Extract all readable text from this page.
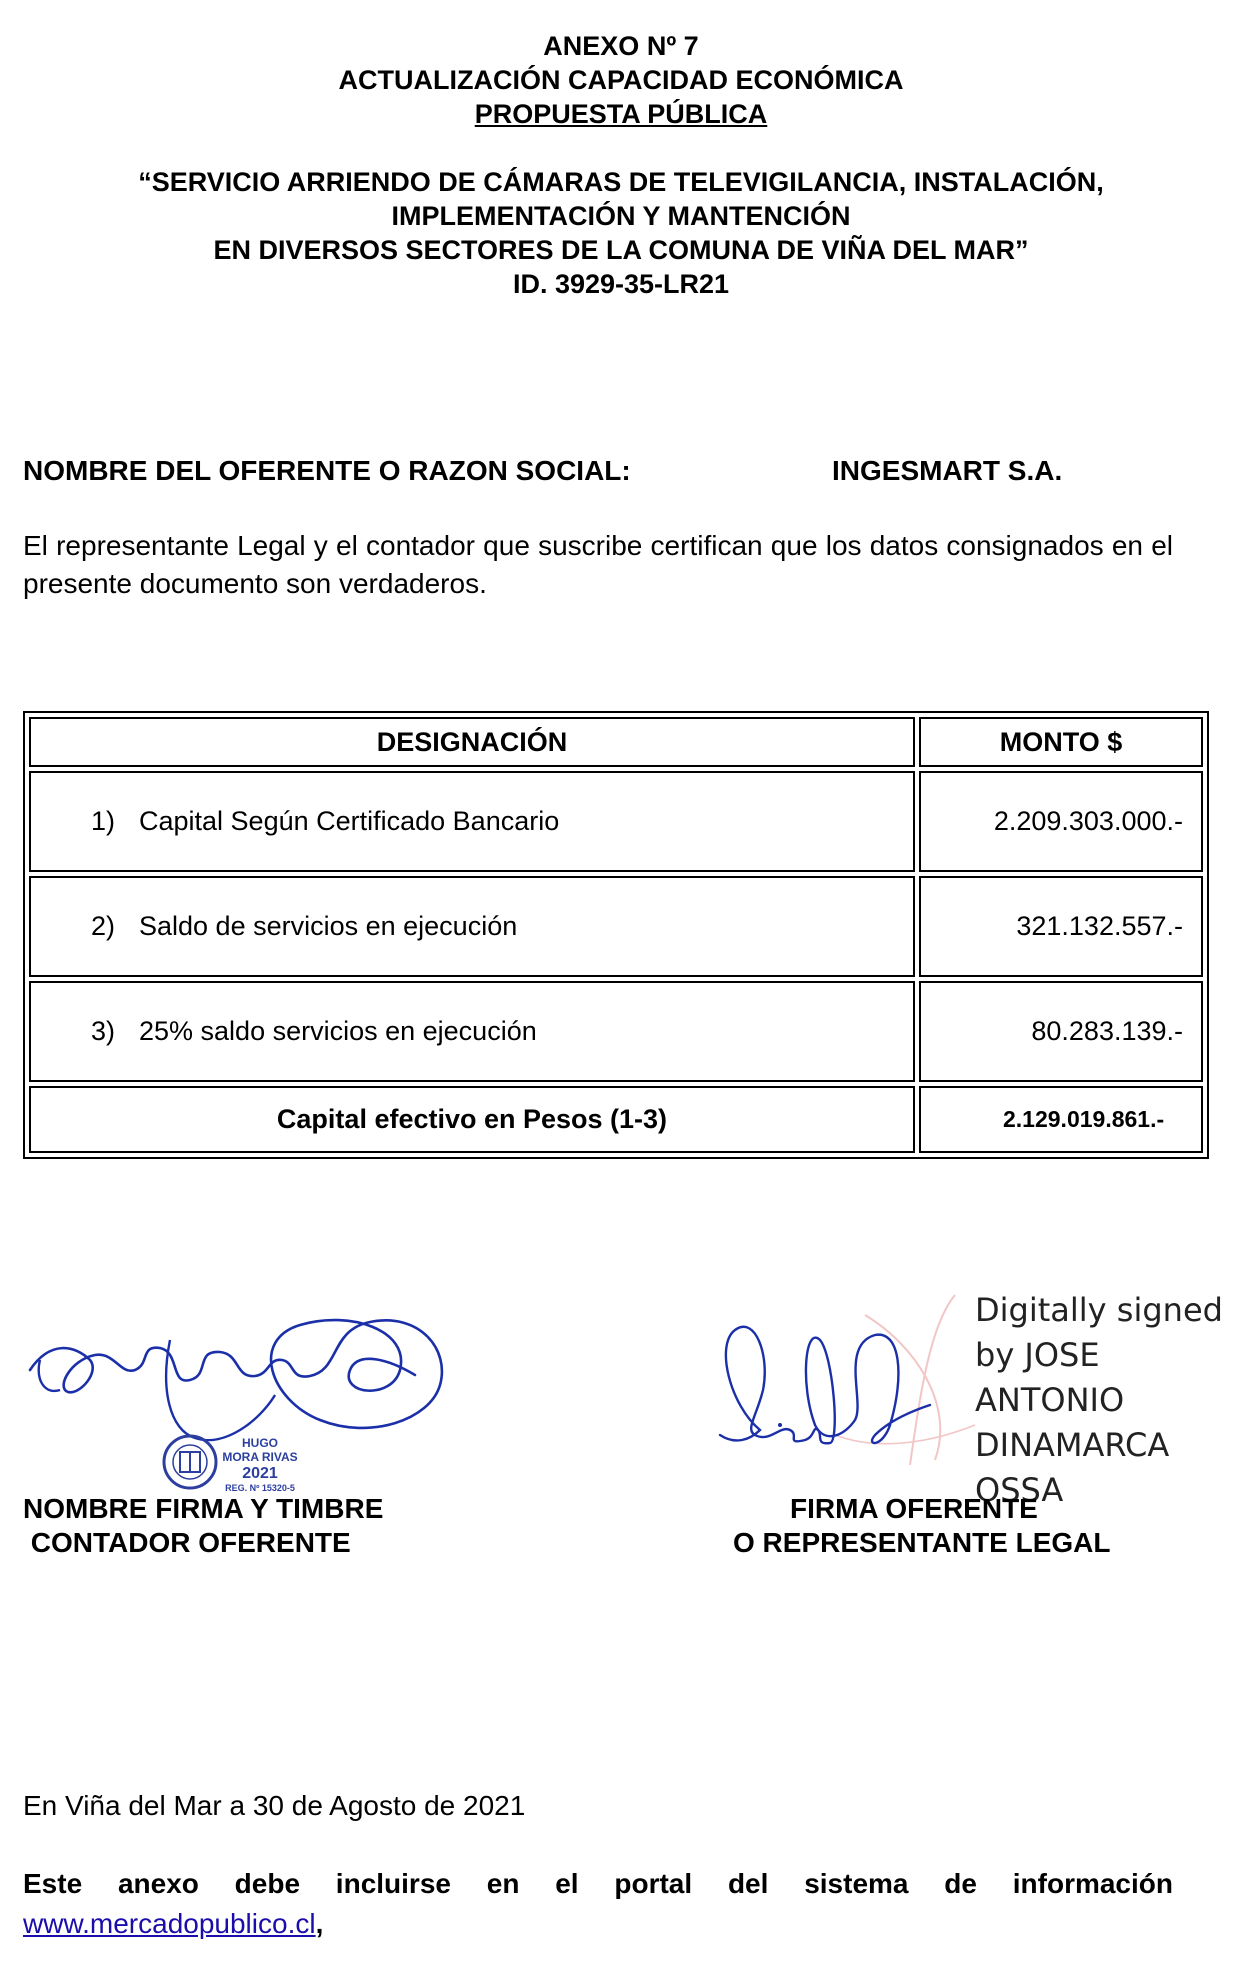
ANEXO Nº 7
ACTUALIZACIÓN CAPACIDAD ECONÓMICA
PROPUESTA PÚBLICA
“SERVICIO ARRIENDO DE CÁMARAS DE TELEVIGILANCIA, INSTALACIÓN,
IMPLEMENTACIÓN Y MANTENCIÓN
EN DIVERSOS SECTORES DE LA COMUNA DE VIÑA DEL MAR”
ID. 3929-35-LR21
NOMBRE DEL OFERENTE O RAZON SOCIAL:	INGESMART S.A.
El representante Legal y el contador que suscribe certifican que los datos consignados en el presente documento son verdaderos.
DESIGNACIÓN	MONTO $
1) Capital Según Certificado Bancario	2.209.303.000.-
2) Saldo de servicios en ejecución	321.132.557.-
3) 25% saldo servicios en ejecución	80.283.139.-
Capital efectivo en Pesos (1-3)	2.129.019.861.-
HUGO
MORA RIVAS
2021
REG. Nº 15320-5
NOMBRE FIRMA Y TIMBRE
CONTADOR OFERENTE
Digitally signed
by JOSE
ANTONIO
DINAMARCA
OSSA
FIRMA OFERENTE
O REPRESENTANTE LEGAL
En Viña del Mar a 30 de Agosto de 2021
Este anexo debe incluirse en el portal del sistema de información
www.mercadopublico.cl,
